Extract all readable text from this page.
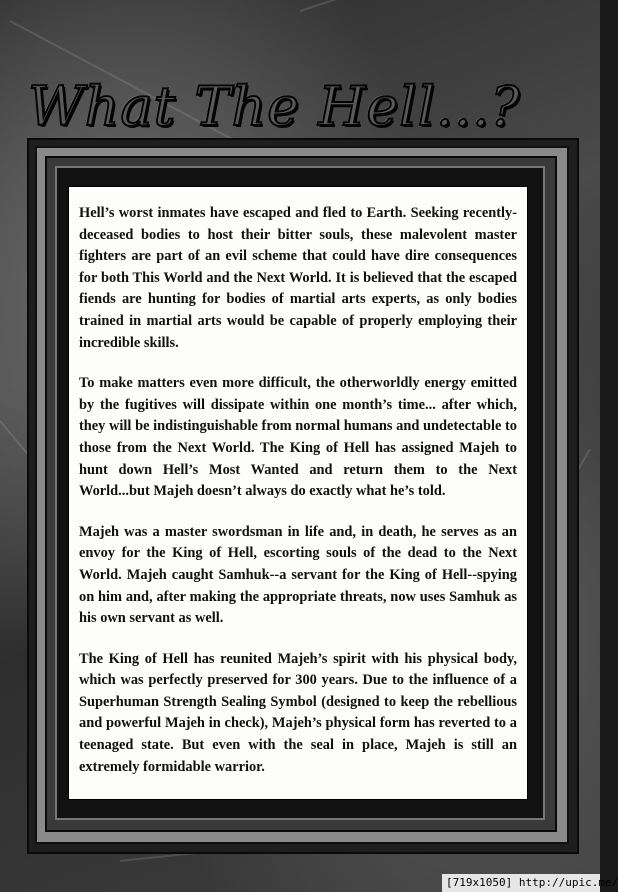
What The Hell...?

Hell’s worst inmates have escaped and fled to Earth. Seeking recently-deceased bodies to host their bitter souls, these malevolent master fighters are part of an evil scheme that could have dire consequences for both This World and the Next World. It is believed that the escaped fiends are hunting for bodies of martial arts experts, as only bodies trained in martial arts would be capable of properly employing their incredible skills.

To make matters even more difficult, the otherworldly energy emitted by the fugitives will dissipate within one month’s time... after which, they will be indistinguishable from normal humans and undetectable to those from the Next World. The King of Hell has assigned Majeh to hunt down Hell’s Most Wanted and return them to the Next World...but Majeh doesn’t always do exactly what he’s told.

Majeh was a master swordsman in life and, in death, he serves as an envoy for the King of Hell, escorting souls of the dead to the Next World. Majeh caught Samhuk--a servant for the King of Hell--spying on him and, after making the appropriate threats, now uses Samhuk as his own servant as well.

The King of Hell has reunited Majeh’s spirit with his physical body, which was perfectly preserved for 300 years. Due to the influence of a Superhuman Strength Sealing Symbol (designed to keep the rebellious and powerful Majeh in check), Majeh’s physical form has reverted to a teenaged state. But even with the seal in place, Majeh is still an extremely formidable warrior.

[719x1050] http://upic.me/
